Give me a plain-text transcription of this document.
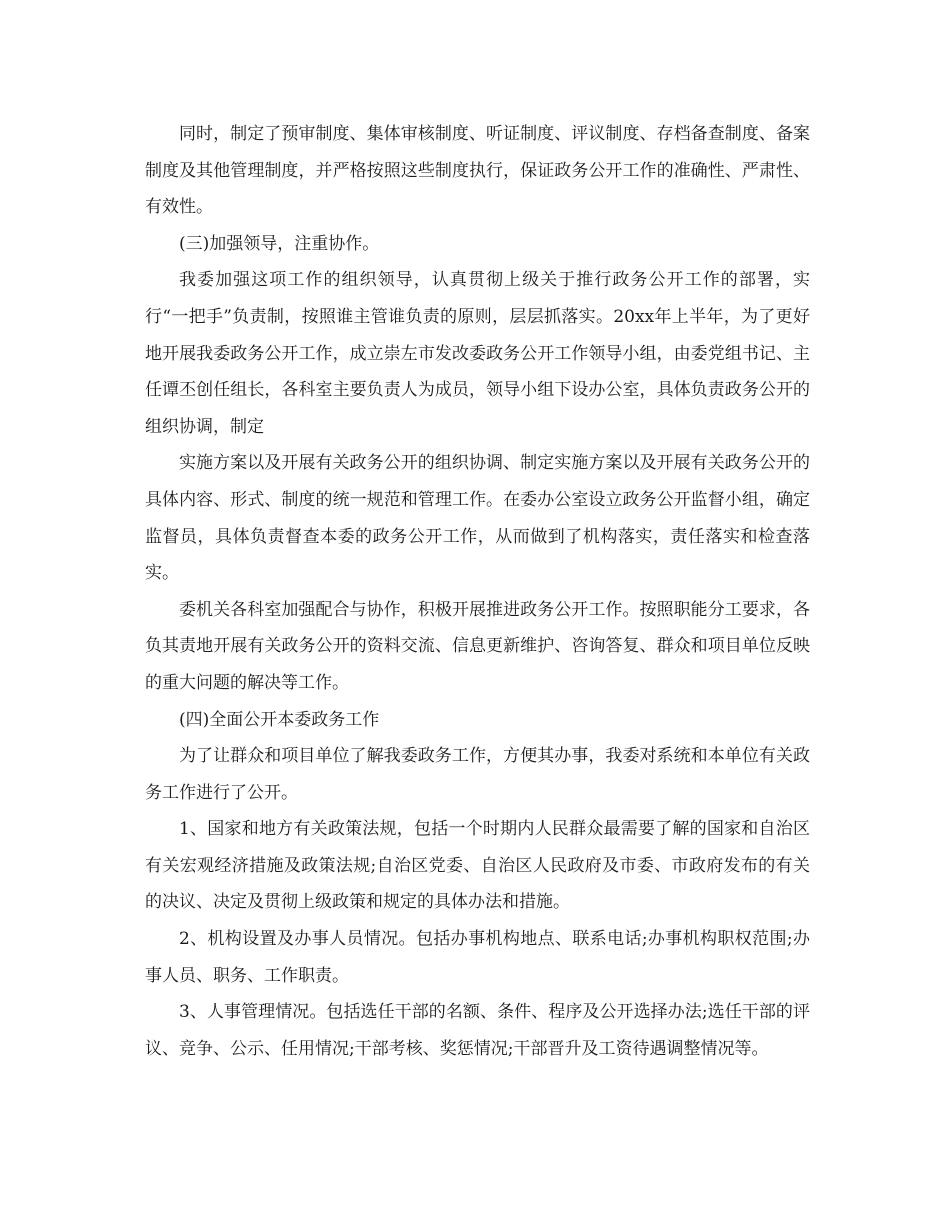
同时，制定了预审制度、集体审核制度、听证制度、评议制度、存档备查制度、备案制度及其他管理制度，并严格按照这些制度执行，保证政务公开工作的准确性、严肃性、有效性。

(三)加强领导，注重协作。

我委加强这项工作的组织领导，认真贯彻上级关于推行政务公开工作的部署，实行“一把手”负责制，按照谁主管谁负责的原则，层层抓落实。20xx年上半年，为了更好地开展我委政务公开工作，成立崇左市发改委政务公开工作领导小组，由委党组书记、主任谭丕创任组长，各科室主要负责人为成员，领导小组下设办公室，具体负责政务公开的组织协调，制定

实施方案以及开展有关政务公开的组织协调、制定实施方案以及开展有关政务公开的具体内容、形式、制度的统一规范和管理工作。在委办公室设立政务公开监督小组，确定监督员，具体负责督查本委的政务公开工作，从而做到了机构落实，责任落实和检查落实。

委机关各科室加强配合与协作，积极开展推进政务公开工作。按照职能分工要求，各负其责地开展有关政务公开的资料交流、信息更新维护、咨询答复、群众和项目单位反映的重大问题的解决等工作。

(四)全面公开本委政务工作

为了让群众和项目单位了解我委政务工作，方便其办事，我委对系统和本单位有关政务工作进行了公开。

1、国家和地方有关政策法规，包括一个时期内人民群众最需要了解的国家和自治区有关宏观经济措施及政策法规;自治区党委、自治区人民政府及市委、市政府发布的有关的决议、决定及贯彻上级政策和规定的具体办法和措施。

2、机构设置及办事人员情况。包括办事机构地点、联系电话;办事机构职权范围;办事人员、职务、工作职责。

3、人事管理情况。包括选任干部的名额、条件、程序及公开选择办法;选任干部的评议、竞争、公示、任用情况;干部考核、奖惩情况;干部晋升及工资待遇调整情况等。
